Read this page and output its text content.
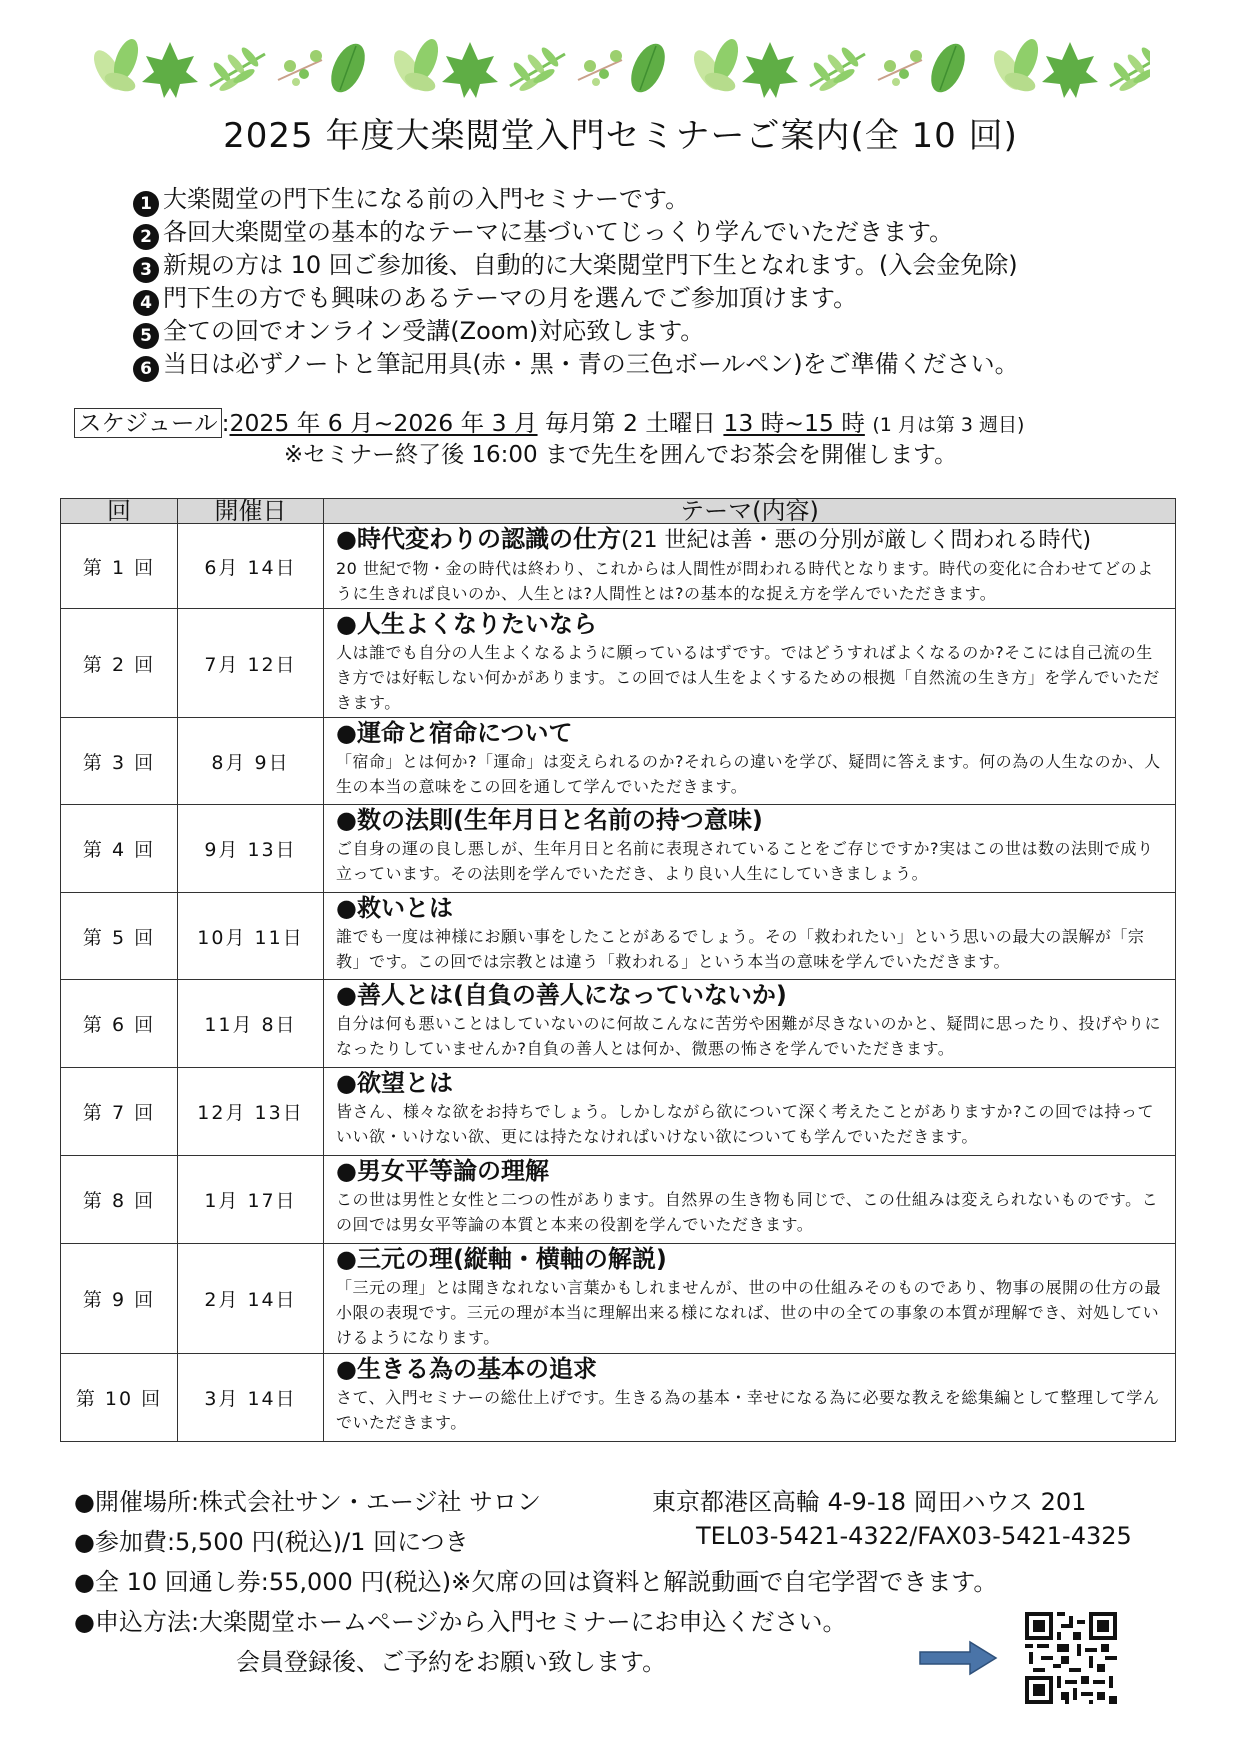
2025 年度大楽閲堂入門セミナーご案内(全 10 回)
1 大楽閲堂の門下生になる前の入門セミナーです。
2 各回大楽閲堂の基本的なテーマに基づいてじっくり学んでいただきます。
3 新規の方は 10 回ご参加後、自動的に大楽閲堂門下生となれます。(入会金免除)
4 門下生の方でも興味のあるテーマの月を選んでご参加頂けます。
5 全ての回でオンライン受講(Zoom)対応致します。
6 当日は必ずノートと筆記用具(赤・黒・青の三色ボールペン)をご準備ください。
スケジュール :2025 年 6 月~2026 年 3 月 毎月第 2 土曜日 13 時~15 時 (1 月は第 3 週目)
※セミナー終了後 16:00 まで先生を囲んでお茶会を開催します。
回	開催日	テーマ(内容)
第 1 回	6月 14日	●時代変わりの認識の仕方(21 世紀は善・悪の分別が厳しく問われる時代)
20 世紀で物・金の時代は終わり、これからは人間性が問われる時代となります。時代の変化に合わせてどのように生きれば良いのか、人生とは?人間性とは?の基本的な捉え方を学んでいただきます。

第 2 回	7月 12日	●人生よくなりたいなら
人は誰でも自分の人生よくなるように願っているはずです。ではどうすればよくなるのか?そこには自己流の生き方では好転しない何かがあります。この回では人生をよくするための根拠「自然流の生き方」を学んでいただきます。

第 3 回	8月 9日	●運命と宿命について
「宿命」とは何か?「運命」は変えられるのか?それらの違いを学び、疑問に答えます。何の為の人生なのか、人生の本当の意味をこの回を通して学んでいただきます。

第 4 回	9月 13日	●数の法則(生年月日と名前の持つ意味)
ご自身の運の良し悪しが、生年月日と名前に表現されていることをご存じですか?実はこの世は数の法則で成り立っています。その法則を学んでいただき、より良い人生にしていきましょう。

第 5 回	10月 11日	●救いとは
誰でも一度は神様にお願い事をしたことがあるでしょう。その「救われたい」という思いの最大の誤解が「宗教」です。この回では宗教とは違う「救われる」という本当の意味を学んでいただきます。

第 6 回	11月 8日	●善人とは(自負の善人になっていないか)
自分は何も悪いことはしていないのに何故こんなに苦労や困難が尽きないのかと、疑問に思ったり、投げやりになったりしていませんか?自負の善人とは何か、微悪の怖さを学んでいただきます。

第 7 回	12月 13日	●欲望とは
皆さん、様々な欲をお持ちでしょう。しかしながら欲について深く考えたことがありますか?この回では持っていい欲・いけない欲、更には持たなければいけない欲についても学んでいただきます。

第 8 回	1月 17日	●男女平等論の理解
この世は男性と女性と二つの性があります。自然界の生き物も同じで、この仕組みは変えられないものです。この回では男女平等論の本質と本来の役割を学んでいただきます。

第 9 回	2月 14日	●三元の理(縦軸・横軸の解説)
「三元の理」とは聞きなれない言葉かもしれませんが、世の中の仕組みそのものであり、物事の展開の仕方の最小限の表現です。三元の理が本当に理解出来る様になれば、世の中の全ての事象の本質が理解でき、対処していけるようになります。

第 10 回	3月 14日	●生きる為の基本の追求
さて、入門セミナーの総仕上げです。生きる為の基本・幸せになる為に必要な教えを総集編として整理して学んでいただきます。
●開催場所:株式会社サン・エージ社 サロン	東京都港区高輪 4-9-18 岡田ハウス 201
●参加費:5,500 円(税込)/1 回につき	TEL03-5421-4322/FAX03-5421-4325
●全 10 回通し券:55,000 円(税込)※欠席の回は資料と解説動画で自宅学習できます。
●申込方法:大楽閲堂ホームページから入門セミナーにお申込ください。
会員登録後、ご予約をお願い致します。
